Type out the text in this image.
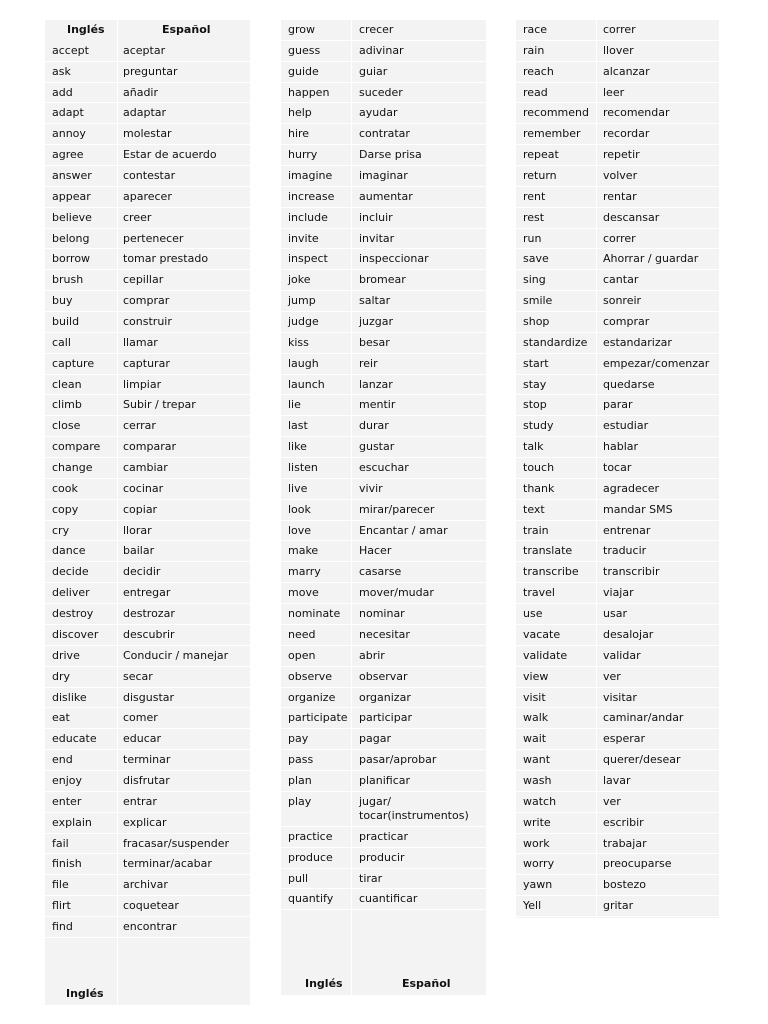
Inglés	Español
accept	aceptar
ask	preguntar
add	añadir
adapt	adaptar
annoy	molestar
agree	Estar de acuerdo
answer	contestar
appear	aparecer
believe	creer
belong	pertenecer
borrow	tomar prestado
brush	cepillar
buy	comprar
build	construir
call	llamar
capture	capturar
clean	limpiar
climb	Subir / trepar
close	cerrar
compare comparar
change	cambiar
cook	cocinar
copy	copiar
cry	llorar
dance	bailar
decide	decidir
deliver	entregar
destroy	destrozar
discover descubrir
drive	Conducir / manejar
dry	secar
dislike	disgustar
eat	comer
educate educar
end	terminar
enjoy	disfrutar
enter	entrar
explain	explicar
fail	fracasar/suspender
finish	terminar/acabar
file	archivar
flirt	coquetear
find	encontrar
Inglés
grow	crecer
guess	adivinar
guide	guiar
happen	suceder
help	ayudar
hire	contratar
hurry	Darse prisa
imagine imaginar
increase aumentar
include	incluir
invite	invitar
inspect	inspeccionar
joke	bromear
jump	saltar
judge	juzgar
kiss	besar
laugh	reir
launch	lanzar
lie	mentir
last	durar
like	gustar
listen	escuchar
live	vivir
look	mirar/parecer
love	Encantar / amar
make	Hacer
marry	casarse
move	mover/mudar
nominate nominar
need	necesitar
open	abrir
observe observar
organize organizar
participate participar
pay	pagar
pass	pasar/aprobar
plan	planificar
play	jugar/
tocar(instrumentos)
practice practicar
produce producir
pull	tirar
quantify cuantificar
Inglés	Español
race	correr
rain	llover
reach	alcanzar
read	leer
recommend recomendar
remember recordar
repeat	repetir
return	volver
rent	rentar
rest	descansar
run	correr
save	Ahorrar / guardar
sing	cantar
smile	sonreir
shop	comprar
standardize estandarizar
start	empezar/comenzar
stay	quedarse
stop	parar
study	estudiar
talk	hablar
touch	tocar
thank	agradecer
text	mandar SMS
train	entrenar
translate	traducir
transcribe transcribir
travel	viajar
use	usar
vacate	desalojar
validate	validar
view	ver
visit	visitar
walk	caminar/andar
wait	esperar
want	querer/desear
wash	lavar
watch	ver
write	escribir
work	trabajar
worry	preocuparse
yawn	bostezo
Yell	gritar
